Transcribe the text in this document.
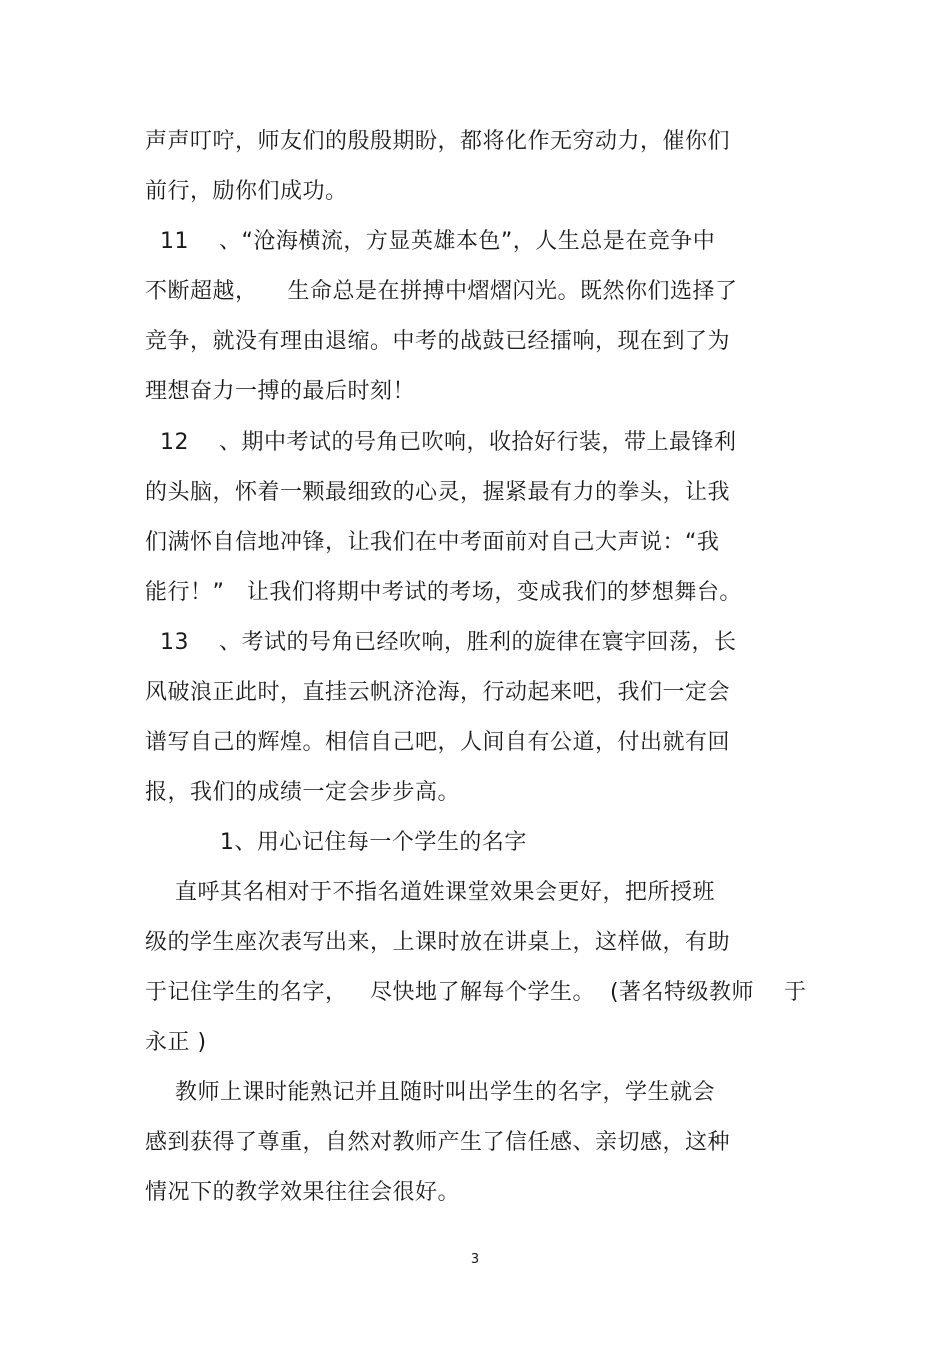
声声叮咛，师友们的殷殷期盼，都将化作无穷动力，催你们
前行，励你们成功。
11    、“沧海横流，方显英雄本色”，人生总是在竞争中
不断超越，    生命总是在拼搏中熠熠闪光。既然你们选择了
竞争，就没有理由退缩。中考的战鼓已经擂响，现在到了为
理想奋力一搏的最后时刻！
12    、期中考试的号角已吹响，收拾好行装，带上最锋利
的头脑，怀着一颗最细致的心灵，握紧最有力的拳头，让我
们满怀自信地冲锋，让我们在中考面前对自己大声说：“我
能行！”   让我们将期中考试的考场，变成我们的梦想舞台。
13    、考试的号角已经吹响，胜利的旋律在寰宇回荡，长
风破浪正此时，直挂云帆济沧海，行动起来吧，我们一定会
谱写自己的辉煌。相信自己吧，人间自有公道，付出就有回
报，我们的成绩一定会步步高。
1、用心记住每一个学生的名字
直呼其名相对于不指名道姓课堂效果会更好，把所授班
级的学生座次表写出来，上课时放在讲桌上，这样做，有助
于记住学生的名字，   尽快地了解每个学生。  (著名特级教师    于
永正 )
教师上课时能熟记并且随时叫出学生的名字，学生就会
感到获得了尊重，自然对教师产生了信任感、亲切感，这种
情况下的教学效果往往会很好。
3
